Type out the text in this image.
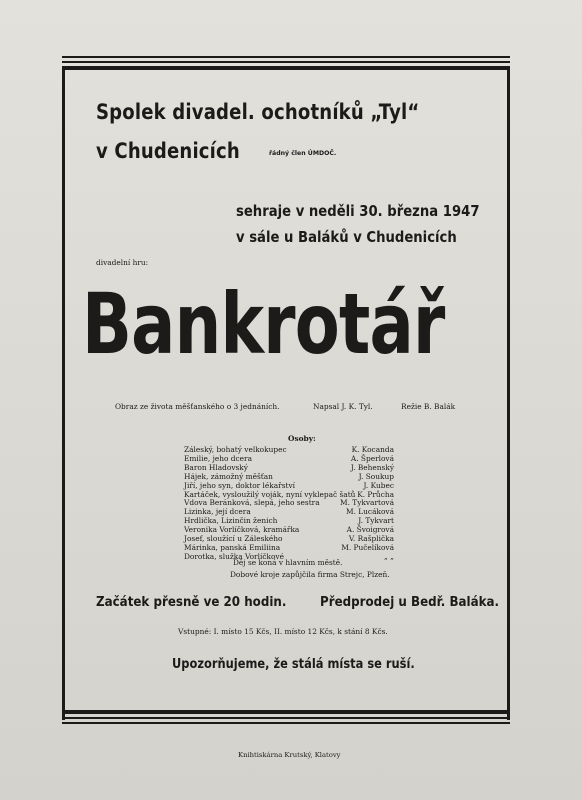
Spolek divadel. ochotníků „Tyl“
v Chudenicích	řádný člen ÚMDOČ.
sehraje v neděli 30. března 1947
v sále u Baláků v Chudenicích
divadelní hru:
Bankrotář
Obraz ze života měšťanského o 3 jednáních.	Napsal J. K. Tyl.	Režie B. Balák
Osoby:
Záleský, bohatý velkokupec	K. Kocanda
Emilie, jeho dcera	A. Šperlová
Baron Hladovský	J. Behenský
Hájek, zámožný měšťan	J. Soukup
Jiří, jeho syn, doktor lékařství	J. Kubec
Kartáček, vysloužilý voják, nyní vyklepač šatů K. Průcha
Vdova Beránková, slepá, jeho sestra	M. Tykvartová
Lizinka, její dcera	M. Lucáková
Hrdlička, Lizinčin ženich	J. Tykvart
Veronika Vorlíčková, kramářka	A. Švoigrová
Josef, sloužící u Záleského	V. Rašplička
Márinka, panská Emiliina	M. Pučelíková
Dorotka, služka Vorlíčkové	„ „
Děj se koná v hlavním městě.
Dobové kroje zapůjčila firma Strejc, Plzeň.
Začátek přesně ve 20 hodin. Předprodej u Bedř. Baláka.
Vstupné: I. místo 15 Kčs, II. místo 12 Kčs, k stání 8 Kčs.
Upozorňujeme, že stálá místa se ruší.
Knihtiskárna Krutský, Klatovy
